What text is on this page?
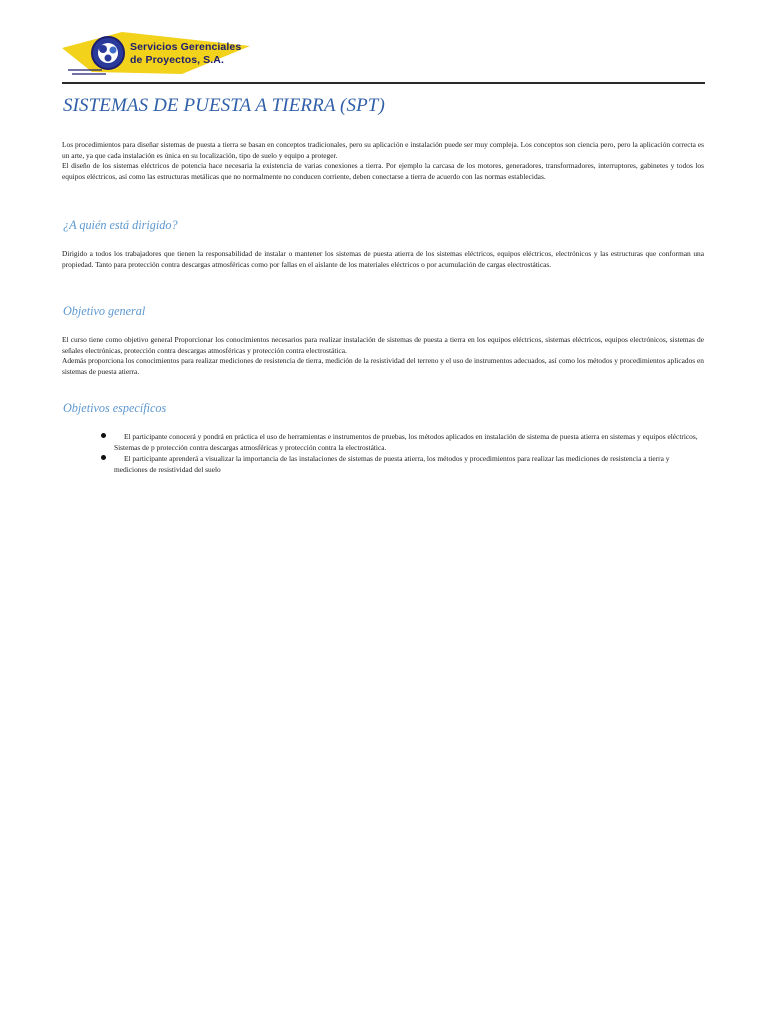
Servicios Gerenciales
de Proyectos, S.A.
SISTEMAS DE PUESTA A TIERRA (SPT)

Los procedimientos para diseñar sistemas de puesta a tierra se basan en conceptos tradicionales, pero su aplicación e instalación puede ser muy compleja. Los conceptos son ciencia pero, pero la aplicación correcta es un arte, ya que cada instalación es única en su localización, tipo de suelo y equipo a proteger.

El diseño de los sistemas eléctricos de potencia hace necesaria la existencia de varias conexiones a tierra. Por ejemplo la carcasa de los motores, generadores, transformadores, interruptores, gabinetes y todos los equipos eléctricos, así como las estructuras metálicas que no normalmente no conducen corriente, deben conectarse a tierra de acuerdo con las normas establecidas.

¿A quién está dirigido?

Dirigido a todos los trabajadores que tienen la responsabilidad de instalar o mantener los sistemas de puesta atierra de los sistemas eléctricos, equipos eléctricos, electrónicos y las estructuras que conforman una propiedad. Tanto para protección contra descargas atmosféricas como por fallas en el aislante de los materiales eléctricos o por acumulación de cargas electrostáticas.

Objetivo general

El curso tiene como objetivo general Proporcionar los conocimientos necesarios para realizar instalación de sistemas de puesta a tierra en los equipos eléctricos, sistemas eléctricos, equipos electrónicos, sistemas de señales electrónicas, protección contra descargas atmosféricas y protección contra electrostática.

Además proporciona los conocimientos para realizar mediciones de resistencia de tierra, medición de la resistividad del terreno y el uso de instrumentos adecuados, así como los métodos y procedimientos aplicados en sistemas de puesta atierra.

Objetivos específicos
El participante conocerá y pondrá en práctica el uso de herramientas e instrumentos de pruebas, los métodos aplicados en instalación de sistema de puesta atierra en sistemas y equipos eléctricos, Sistemas de p protección contra descargas atmosféricas y protección contra la electrostática.
El participante aprenderá a visualizar la importancia de las instalaciones de sistemas de puesta atierra, los métodos y procedimientos para realizar las mediciones de resistencia a tierra y mediciones de resistividad del suelo
